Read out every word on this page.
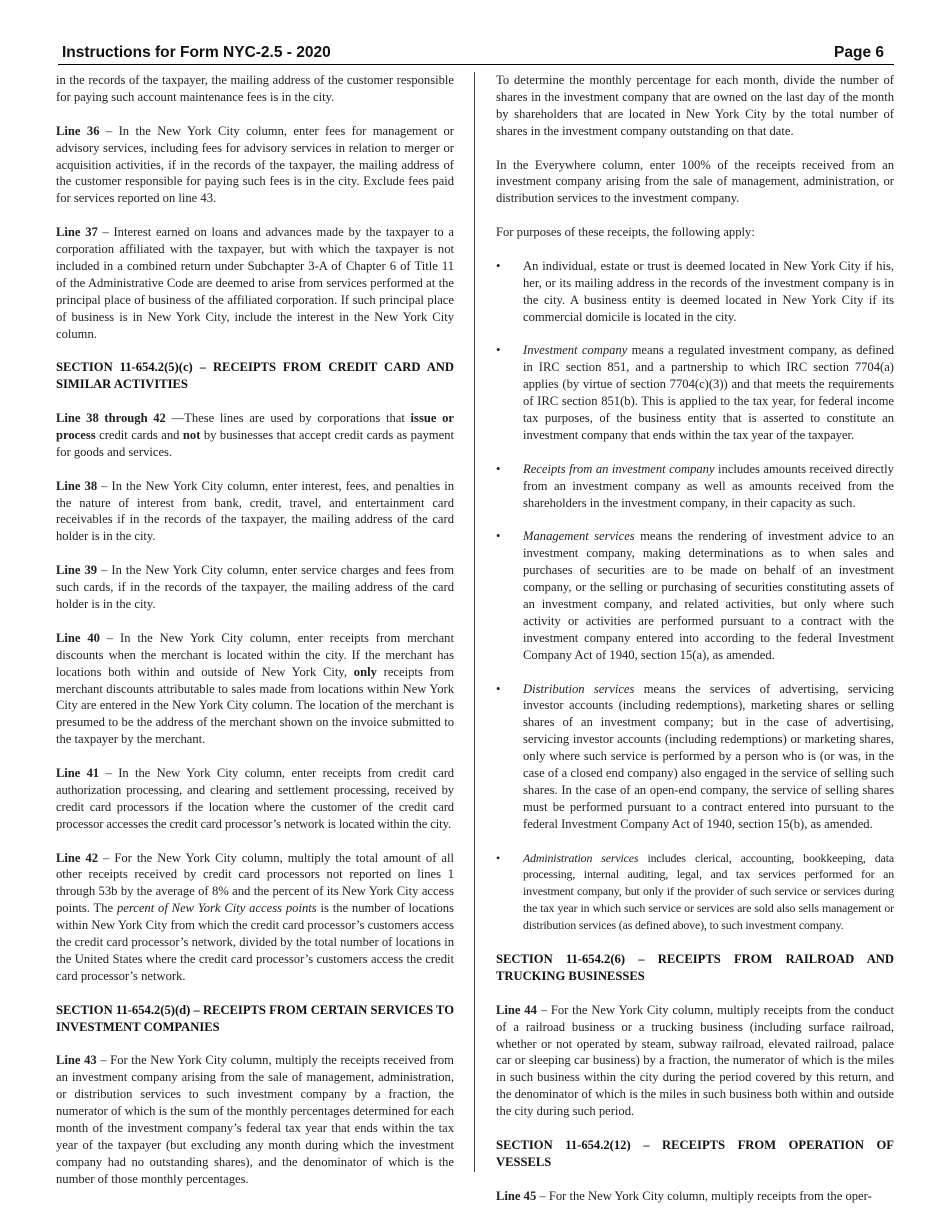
Instructions for Form NYC-2.5 - 2020	Page 6

in the records of the taxpayer, the mailing address of the customer responsible for paying such account maintenance fees is in the city.

Line 36 – In the New York City column, enter fees for management or advisory services, including fees for advisory services in relation to merger or acquisition activities, if in the records of the taxpayer, the mailing address of the customer responsible for paying such fees is in the city. Exclude fees paid for services reported on line 43.

Line 37 – Interest earned on loans and advances made by the taxpayer to a corporation affiliated with the taxpayer, but with which the taxpayer is not included in a combined return under Subchapter 3-A of Chapter 6 of Title 11 of the Administrative Code are deemed to arise from services performed at the principal place of business of the affiliated corporation. If such principal place of business is in New York City, include the interest in the New York City column.

SECTION 11-654.2(5)(c) – RECEIPTS FROM CREDIT CARD AND SIMILAR ACTIVITIES

Line 38 through 42 —These lines are used by corporations that issue or process credit cards and not by businesses that accept credit cards as payment for goods and services.

Line 38 – In the New York City column, enter interest, fees, and penalties in the nature of interest from bank, credit, travel, and entertainment card receivables if in the records of the taxpayer, the mailing address of the card holder is in the city.

Line 39 – In the New York City column, enter service charges and fees from such cards, if in the records of the taxpayer, the mailing address of the card holder is in the city.

Line 40 – In the New York City column, enter receipts from merchant discounts when the merchant is located within the city. If the merchant has locations both within and outside of New York City, only receipts from merchant discounts attributable to sales made from locations within New York City are entered in the New York City column. The location of the merchant is presumed to be the address of the merchant shown on the invoice submitted to the taxpayer by the merchant.

Line 41 – In the New York City column, enter receipts from credit card authorization processing, and clearing and settlement processing, received by credit card processors if the location where the customer of the credit card processor accesses the credit card processor’s network is located within the city.

Line 42 – For the New York City column, multiply the total amount of all other receipts received by credit card processors not reported on lines 1 through 53b by the average of 8% and the percent of its New York City access points. The percent of New York City access points is the number of locations within New York City from which the credit card processor’s customers access the credit card processor’s network, divided by the total number of locations in the United States where the credit card processor’s customers access the credit card processor’s network.

SECTION 11-654.2(5)(d) – RECEIPTS FROM CERTAIN SERVICES TO INVESTMENT COMPANIES

Line 43 – For the New York City column, multiply the receipts received from an investment company arising from the sale of management, administration, or distribution services to such investment company by a fraction, the numerator of which is the sum of the monthly percentages determined for each month of the investment company’s federal tax year that ends within the tax year of the taxpayer (but excluding any month during which the investment company had no outstanding shares), and the denominator of which is the number of those monthly percentages.

To determine the monthly percentage for each month, divide the number of shares in the investment company that are owned on the last day of the month by shareholders that are located in New York City by the total number of shares in the investment company outstanding on that date.

In the Everywhere column, enter 100% of the receipts received from an investment company arising from the sale of management, administration, or distribution services to the investment company.

For purposes of these receipts, the following apply:

• An individual, estate or trust is deemed located in New York City if his, her, or its mailing address in the records of the investment company is in the city. A business entity is deemed located in New York City if its commercial domicile is located in the city.
• Investment company means a regulated investment company, as defined in IRC section 851, and a partnership to which IRC section 7704(a) applies (by virtue of section 7704(c)(3)) and that meets the requirements of IRC section 851(b). This is applied to the tax year, for federal income tax purposes, of the business entity that is asserted to constitute an investment company that ends within the tax year of the taxpayer.
• Receipts from an investment company includes amounts received directly from an investment company as well as amounts received from the shareholders in the investment company, in their capacity as such.
• Management services means the rendering of investment advice to an investment company, making determinations as to when sales and purchases of securities are to be made on behalf of an investment company, or the selling or purchasing of securities constituting assets of an investment company, and related activities, but only where such activity or activities are performed pursuant to a contract with the investment company entered into according to the federal Investment Company Act of 1940, section 15(a), as amended.
• Distribution services means the services of advertising, servicing investor accounts (including redemptions), marketing shares or selling shares of an investment company; but in the case of advertising, servicing investor accounts (including redemptions) or marketing shares, only where such service is performed by a person who is (or was, in the case of a closed end company) also engaged in the service of selling such shares. In the case of an open-end company, the service of selling shares must be performed pursuant to a contract entered into pursuant to the federal Investment Company Act of 1940, section 15(b), as amended.
• Administration services includes clerical, accounting, bookkeeping, data processing, internal auditing, legal, and tax services performed for an investment company, but only if the provider of such service or services during the tax year in which such service or services are sold also sells management or distribution services (as defined above), to such investment company.
SECTION 11-654.2(6) – RECEIPTS FROM RAILROAD AND TRUCKING BUSINESSES

Line 44 – For the New York City column, multiply receipts from the conduct of a railroad business or a trucking business (including surface railroad, whether or not operated by steam, subway railroad, elevated railroad, palace car or sleeping car business) by a fraction, the numerator of which is the miles in such business within the city during the period covered by this return, and the denominator of which is the miles in such business both within and outside the city during such period.

SECTION 11-654.2(12) – RECEIPTS FROM OPERATION OF VESSELS

Line 45 – For the New York City column, multiply receipts from the oper-
